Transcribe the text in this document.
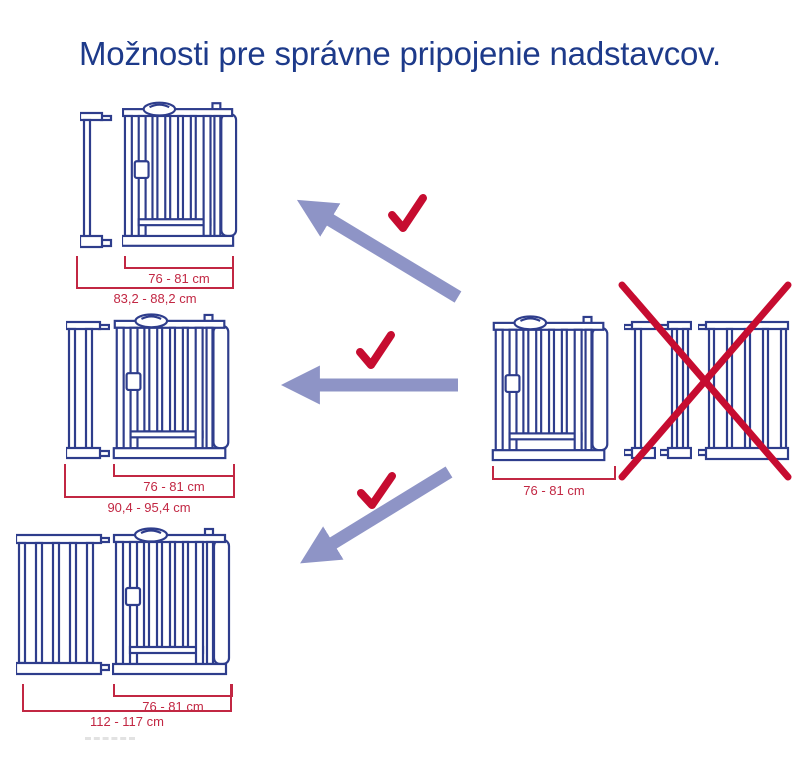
Možnosti pre správne pripojenie nadstavcov.
76 - 81 cm
83,2 - 88,2 cm
76 - 81 cm
90,4 - 95,4 cm
76 - 81 cm
112 - 117 cm
76 - 81 cm
